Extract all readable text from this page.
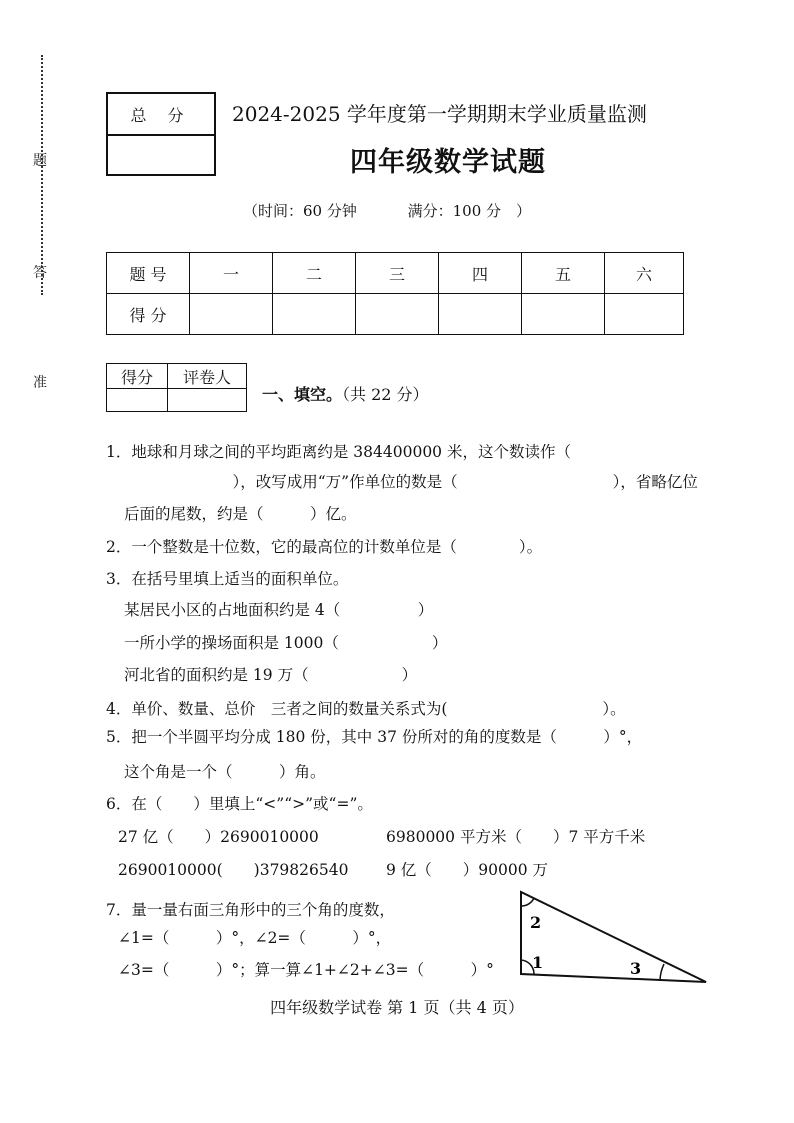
题
答
准
总 分	2024-2025 学年度第一学期期末学业质量监测
四年级数学试题
（时间：60 分钟	满分：100 分　）
题 号	一	二	三	四	五	六
得 分						
得分	评卷人

一、填空。（共 22 分）
1．地球和月球之间的平均距离约是 384400000 米，这个数读作（
　　　　　　　），改写成用“万”作单位的数是（　　　　　　　　　　），省略亿位
后面的尾数，约是（　　　）亿。
2．一个整数是十位数，它的最高位的计数单位是（　　　　）。
3．在括号里填上适当的面积单位。
某居民小区的占地面积约是 4（　　　　　）
一所小学的操场面积是 1000（　　　　　　）
河北省的面积约是 19 万（　　　　　　）
4．单价、数量、总价　三者之间的数量关系式为(　　　　　　　　　　）。
5．把一个半圆平均分成 180 份，其中 37 份所对的角的度数是（　　　）°，
这个角是一个（　　　）角。
6．在（　　）里填上“<”“>”或“=”。
27 亿（　　）2690010000	6980000 平方米（　　）7 平方千米
2690010000(　　)379826540 9 亿（　　）90000 万
7．量一量右面三角形中的三个角的度数，
∠1=（　　　）°，∠2=（　　　）°，
∠3=（　　　）°；算一算∠1+∠2+∠3=（　　　）°
2
1	3
四年级数学试卷 第 1 页（共 4 页）
